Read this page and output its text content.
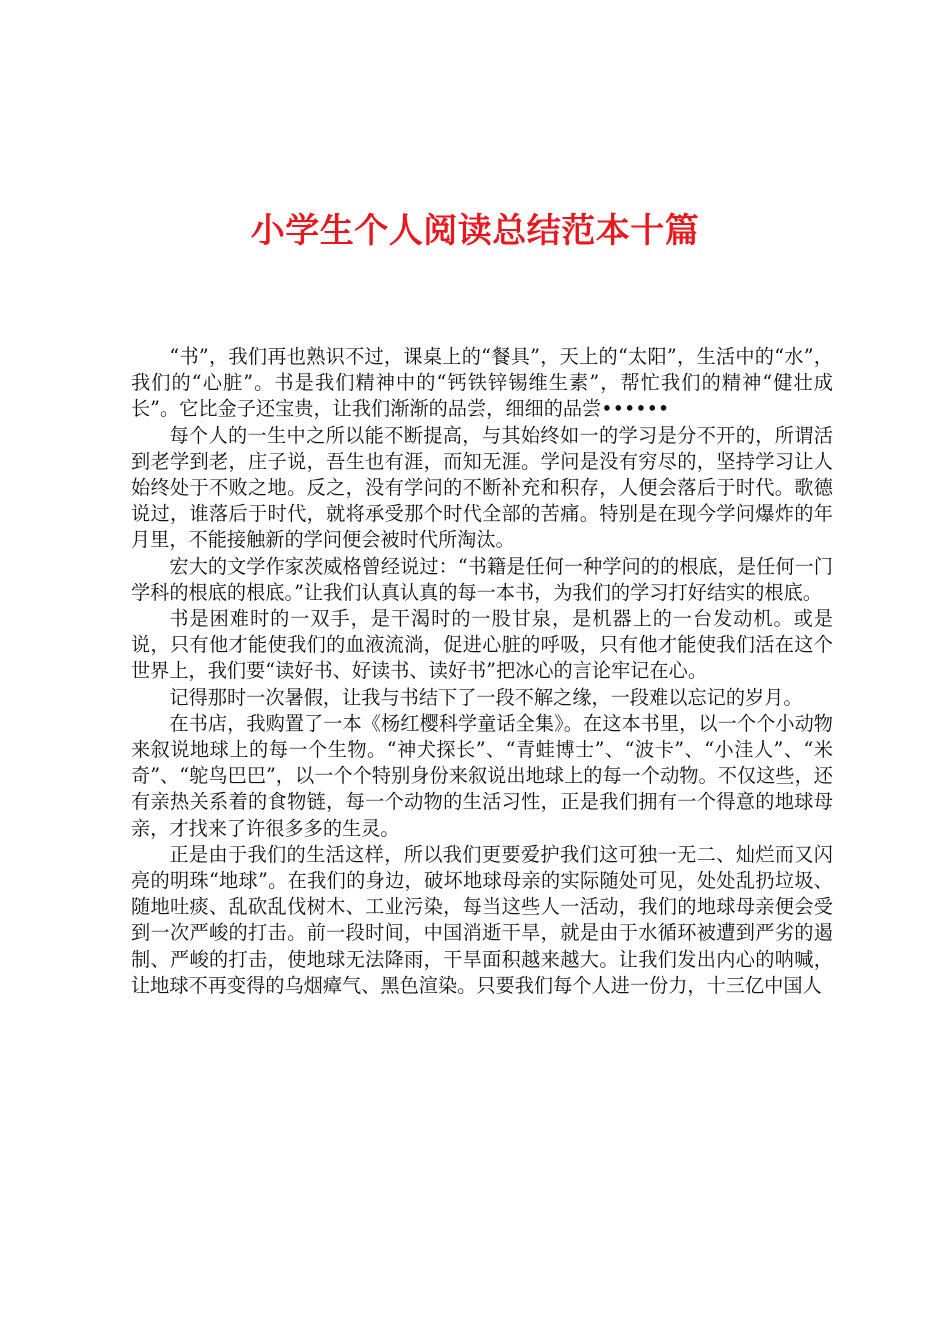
小学生个人阅读总结范本十篇

“书”，我们再也熟识不过，课桌上的“餐具”，天上的“太阳”，生活中的“水”，我们的“心脏”。书是我们精神中的“钙铁锌锡维生素”，帮忙我们的精神“健壮成长”。它比金子还宝贵，让我们渐渐的品尝，细细的品尝••••••

每个人的一生中之所以能不断提高，与其始终如一的学习是分不开的，所谓活到老学到老，庄子说，吾生也有涯，而知无涯。学问是没有穷尽的，坚持学习让人始终处于不败之地。反之，没有学问的不断补充和积存，人便会落后于时代。歌德说过，谁落后于时代，就将承受那个时代全部的苦痛。特别是在现今学问爆炸的年月里，不能接触新的学问便会被时代所淘汰。

宏大的文学作家茨威格曾经说过：“书籍是任何一种学问的的根底，是任何一门学科的根底的根底。”让我们认真认真的每一本书，为我们的学习打好结实的根底。

书是困难时的一双手，是干渴时的一股甘泉，是机器上的一台发动机。或是说，只有他才能使我们的血液流淌，促进心脏的呼吸，只有他才能使我们活在这个世界上，我们要“读好书、好读书、读好书”把冰心的言论牢记在心。

记得那时一次暑假，让我与书结下了一段不解之缘，一段难以忘记的岁月。

在书店，我购置了一本《杨红樱科学童话全集》。在这本书里，以一个个小动物来叙说地球上的每一个生物。“神犬探长”、“青蛙博士”、“波卡”、“小洼人”、“米奇”、“鸵鸟巴巴”，以一个个特别身份来叙说出地球上的每一个动物。不仅这些，还有亲热关系着的食物链，每一个动物的生活习性，正是我们拥有一个得意的地球母亲，才找来了许很多多的生灵。

正是由于我们的生活这样，所以我们更要爱护我们这可独一无二、灿烂而又闪亮的明珠“地球”。在我们的身边，破坏地球母亲的实际随处可见，处处乱扔垃圾、随地吐痰、乱砍乱伐树木、工业污染，每当这些人一活动，我们的地球母亲便会受到一次严峻的打击。前一段时间，中国消逝干旱，就是由于水循环被遭到严劣的遏制、严峻的打击，使地球无法降雨，干旱面积越来越大。让我们发出内心的呐喊，让地球不再变得的乌烟瘴气、黑色渲染。只要我们每个人进一份力，十三亿中国人
